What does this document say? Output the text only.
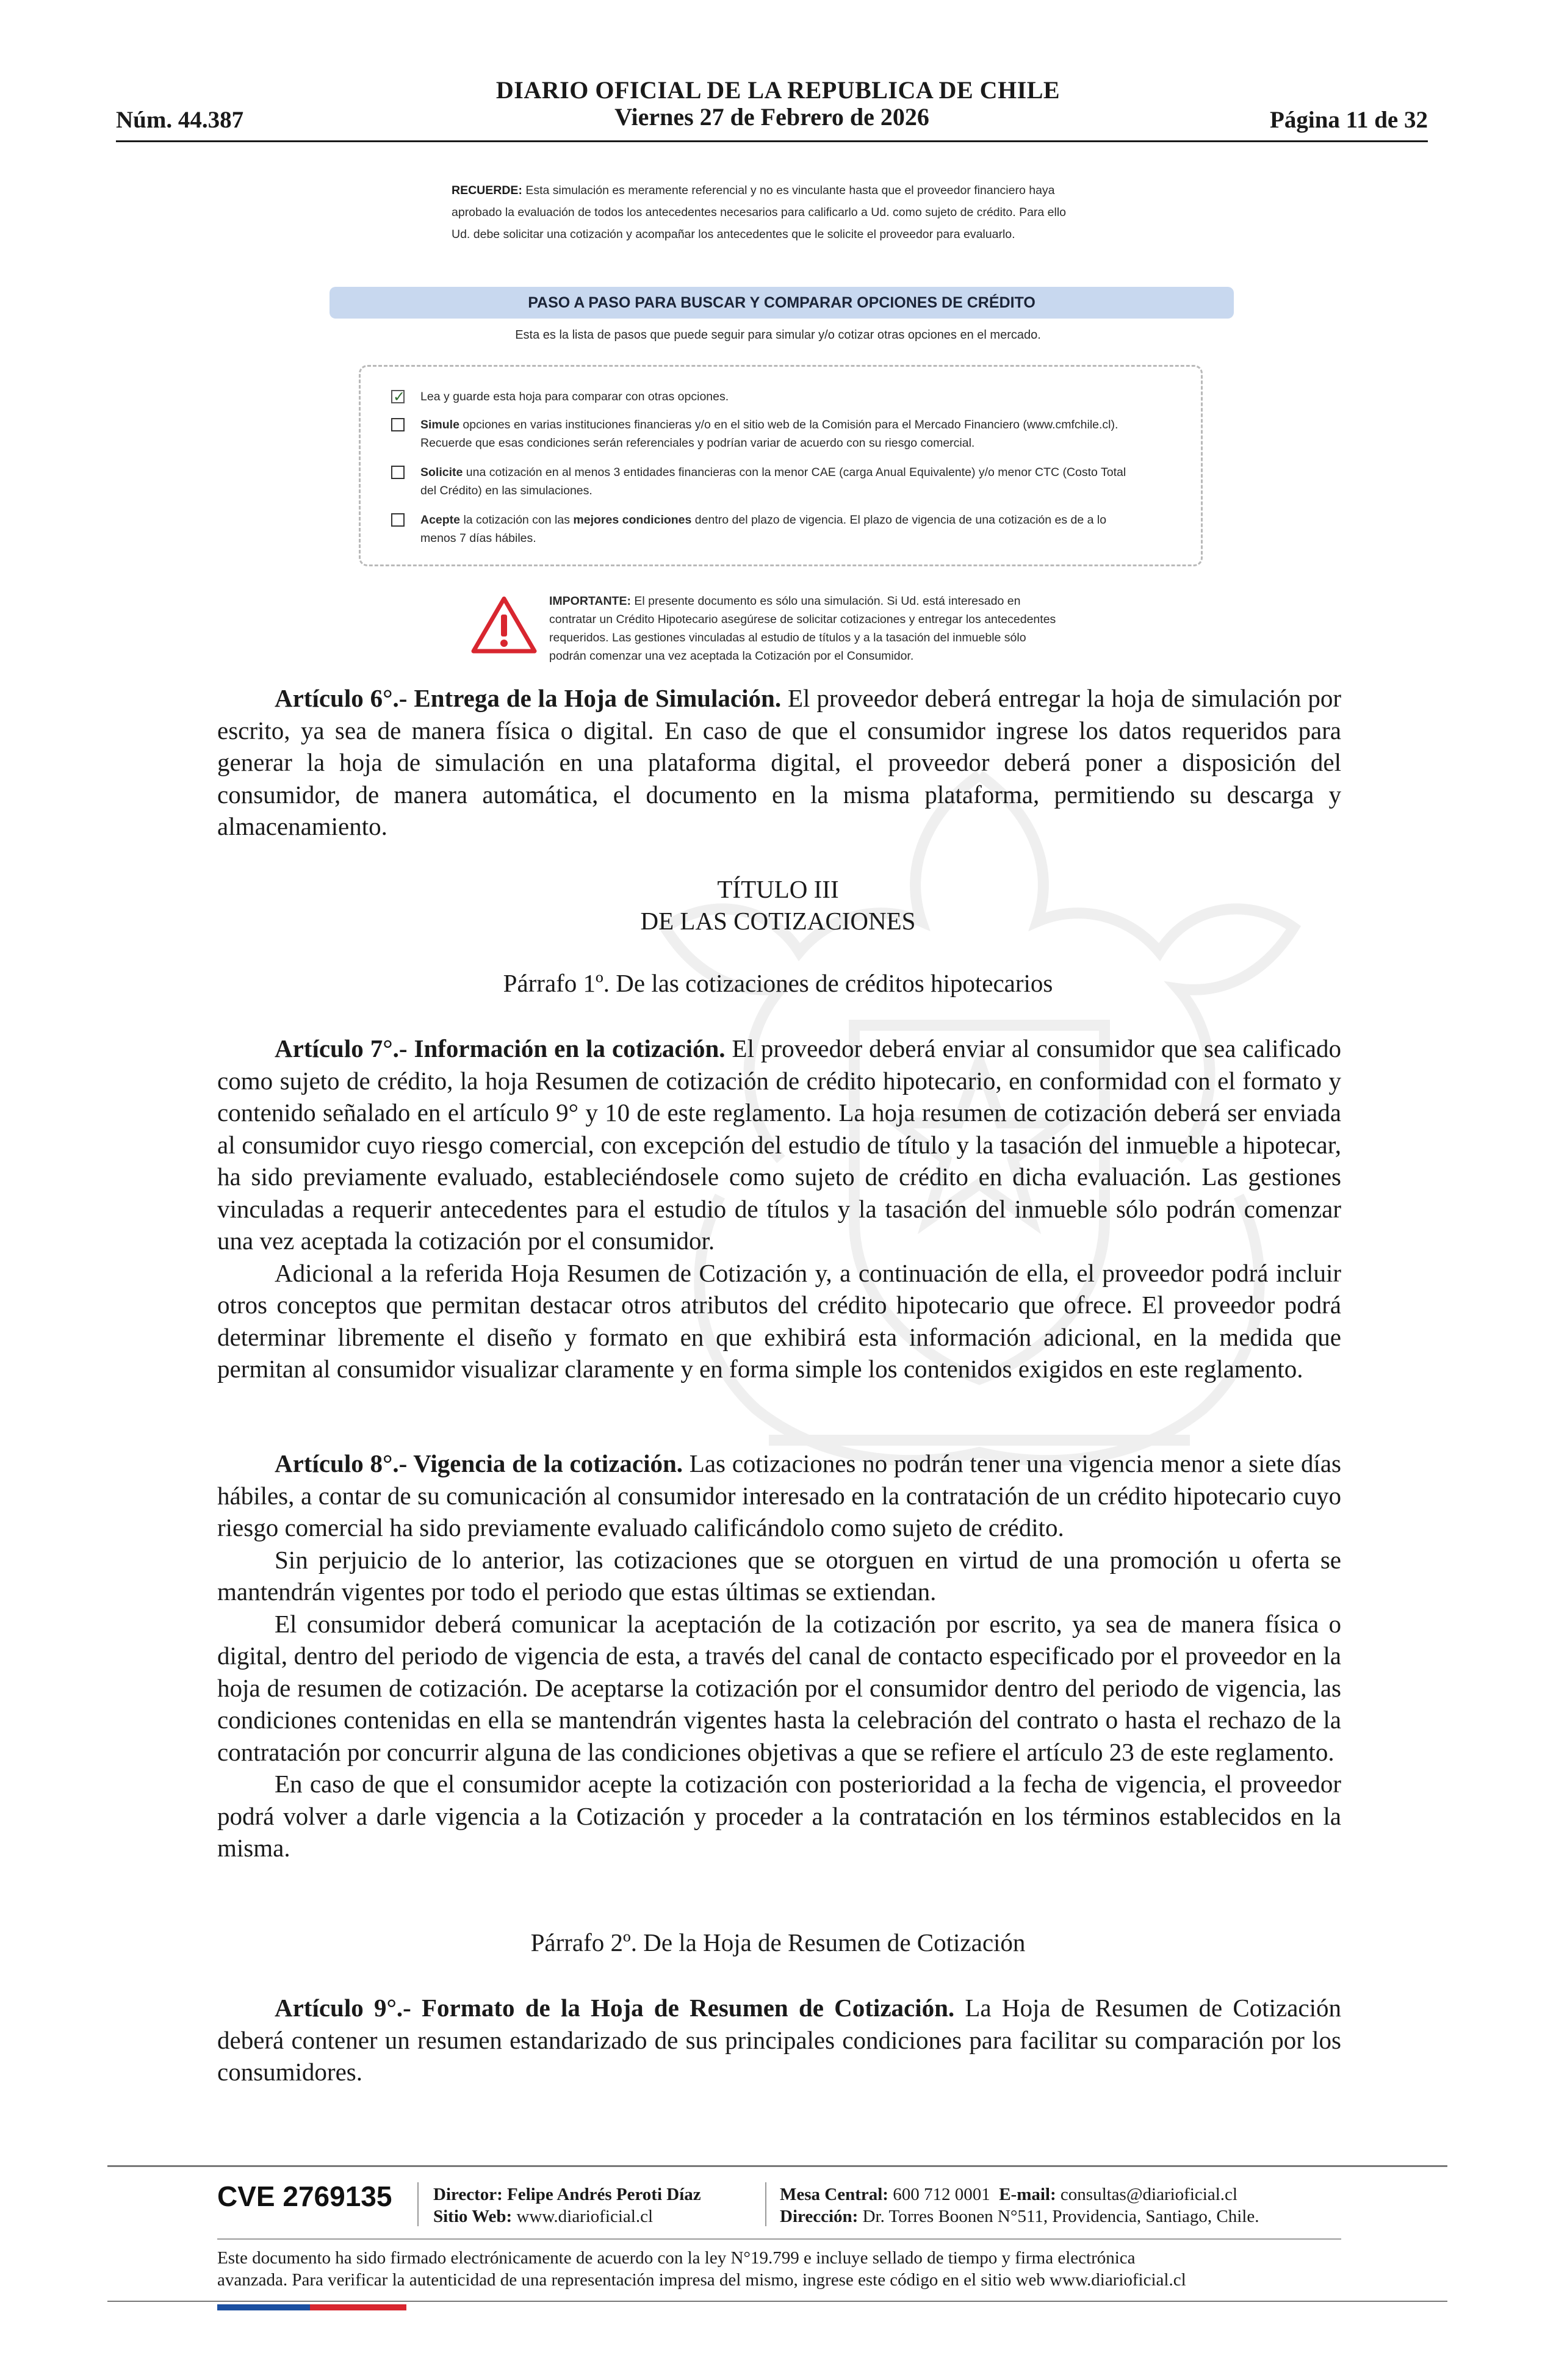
DIARIO OFICIAL DE LA REPUBLICA DE CHILE
Núm. 44.387	Viernes 27 de Febrero de 2026	Página 11 de 32
RECUERDE: Esta simulación es meramente referencial y no es vinculante hasta que el proveedor financiero haya
aprobado la evaluación de todos los antecedentes necesarios para calificarlo a Ud. como sujeto de crédito. Para ello
Ud. debe solicitar una cotización y acompañar los antecedentes que le solicite el proveedor para evaluarlo.
PASO A PASO PARA BUSCAR Y COMPARAR OPCIONES DE CRÉDITO
Esta es la lista de pasos que puede seguir para simular y/o cotizar otras opciones en el mercado.
✓
Lea y guarde esta hoja para comparar con otras opciones.
Simule opciones en varias instituciones financieras y/o en el sitio web de la Comisión para el Mercado Financiero (www.cmfchile.cl).
Recuerde que esas condiciones serán referenciales y podrían variar de acuerdo con su riesgo comercial.
Solicite una cotización en al menos 3 entidades financieras con la menor CAE (carga Anual Equivalente) y/o menor CTC (Costo Total
del Crédito) en las simulaciones.
Acepte la cotización con las mejores condiciones dentro del plazo de vigencia. El plazo de vigencia de una cotización es de a lo
menos 7 días hábiles.
IMPORTANTE: El presente documento es sólo una simulación. Si Ud. está interesado en
contratar un Crédito Hipotecario asegúrese de solicitar cotizaciones y entregar los antecedentes
requeridos. Las gestiones vinculadas al estudio de títulos y a la tasación del inmueble sólo
podrán comenzar una vez aceptada la Cotización por el Consumidor.

Artículo 6°.- Entrega de la Hoja de Simulación. El proveedor deberá entregar la hoja de simulación por escrito, ya sea de manera física o digital. En caso de que el consumidor ingrese los datos requeridos para generar la hoja de simulación en una plataforma digital, el proveedor deberá poner a disposición del consumidor, de manera automática, el documento en la misma plataforma, permitiendo su descarga y almacenamiento.

TÍTULO III
DE LAS COTIZACIONES
Párrafo 1º. De las cotizaciones de créditos hipotecarios

Artículo 7°.- Información en la cotización. El proveedor deberá enviar al consumidor que sea calificado como sujeto de crédito, la hoja Resumen de cotización de crédito hipotecario, en conformidad con el formato y contenido señalado en el artículo 9° y 10 de este reglamento. La hoja resumen de cotización deberá ser enviada al consumidor cuyo riesgo comercial, con excepción del estudio de título y la tasación del inmueble a hipotecar, ha sido previamente evaluado, estableciéndosele como sujeto de crédito en dicha evaluación. Las gestiones vinculadas a requerir antecedentes para el estudio de títulos y la tasación del inmueble sólo podrán comenzar una vez aceptada la cotización por el consumidor.

Adicional a la referida Hoja Resumen de Cotización y, a continuación de ella, el proveedor podrá incluir otros conceptos que permitan destacar otros atributos del crédito hipotecario que ofrece. El proveedor podrá determinar libremente el diseño y formato en que exhibirá esta información adicional, en la medida que permitan al consumidor visualizar claramente y en forma simple los contenidos exigidos en este reglamento.

Artículo 8°.- Vigencia de la cotización. Las cotizaciones no podrán tener una vigencia menor a siete días hábiles, a contar de su comunicación al consumidor interesado en la contratación de un crédito hipotecario cuyo riesgo comercial ha sido previamente evaluado calificándolo como sujeto de crédito.

Sin perjuicio de lo anterior, las cotizaciones que se otorguen en virtud de una promoción u oferta se mantendrán vigentes por todo el periodo que estas últimas se extiendan.

El consumidor deberá comunicar la aceptación de la cotización por escrito, ya sea de manera física o digital, dentro del periodo de vigencia de esta, a través del canal de contacto especificado por el proveedor en la hoja de resumen de cotización. De aceptarse la cotización por el consumidor dentro del periodo de vigencia, las condiciones contenidas en ella se mantendrán vigentes hasta la celebración del contrato o hasta el rechazo de la contratación por concurrir alguna de las condiciones objetivas a que se refiere el artículo 23 de este reglamento.

En caso de que el consumidor acepte la cotización con posterioridad a la fecha de vigencia, el proveedor podrá volver a darle vigencia a la Cotización y proceder a la contratación en los términos establecidos en la misma.

Párrafo 2º. De la Hoja de Resumen de Cotización

Artículo 9°.- Formato de la Hoja de Resumen de Cotización. La Hoja de Resumen de Cotización deberá contener un resumen estandarizado de sus principales condiciones para facilitar su comparación por los consumidores.

CVE 2769135 Director: Felipe Andrés Peroti Díaz
Sitio Web: www.diarioficial.cl
Mesa Central: 600 712 0001 E-mail: consultas@diarioficial.cl
Dirección: Dr. Torres Boonen N°511, Providencia, Santiago, Chile.
Este documento ha sido firmado electrónicamente de acuerdo con la ley N°19.799 e incluye sellado de tiempo y firma electrónica
avanzada. Para verificar la autenticidad de una representación impresa del mismo, ingrese este código en el sitio web www.diarioficial.cl
